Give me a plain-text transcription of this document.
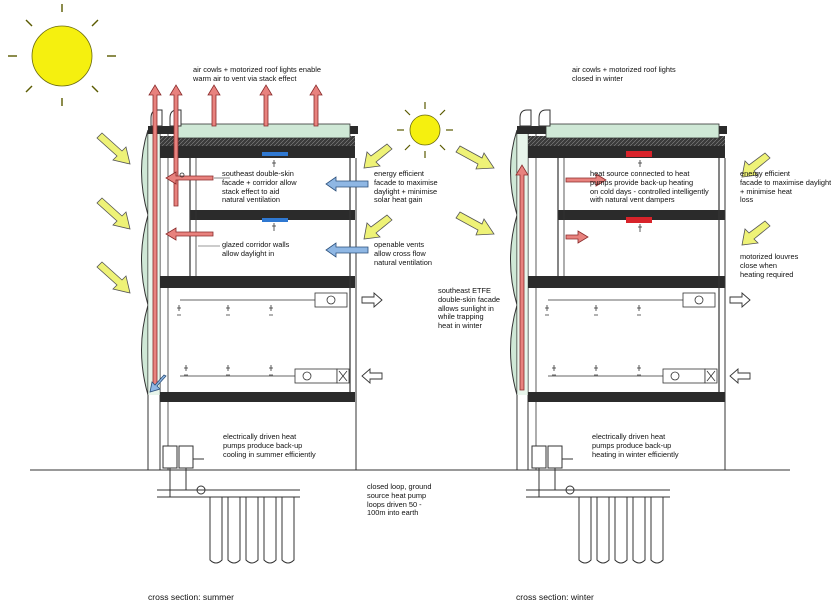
air cowls + motorized roof lights enable
warm air to vent via stack effect
southeast double-skin
facade + corridor allow
stack effect to aid
natural ventilation
glazed corridor walls
allow daylight in
energy efficient
facade to maximise
daylight + minimise
solar heat gain
openable vents
allow cross flow
natural ventilation
electrically driven heat
pumps produce back-up
cooling in summer efficiently
closed loop, ground
source heat pump
loops driven 50 -
100m into earth
cross section: summer
southeast ETFE
double-skin facade
allows sunlight in
while trapping
heat in winter
air cowls + motorized roof lights
closed in winter
heat source connected to heat
pumps provide back-up heating
on cold days - controlled intelligently
with natural vent dampers
energy efficient
facade to maximise daylight
+ minimise heat
loss
motorized louvres
close when
heating required
electrically driven heat
pumps produce back-up
heating in winter efficiently
cross section: winter
